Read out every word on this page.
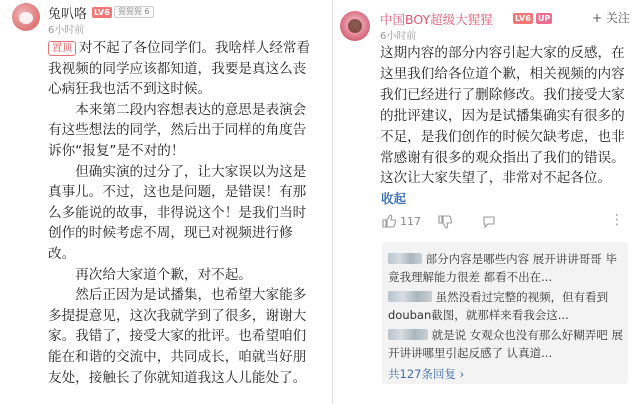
兔叭咯 LV6	猩猩猩 6
6小时前

置顶 对不起了各位同学们。我啥样人经常看我视频的同学应该都知道，我要是真这么丧心病狂我也活不到这时候。

本来第二段内容想表达的意思是表演会有这些想法的同学，然后出于同样的角度告诉你“报复”是不对的！

但确实演的过分了，让大家误以为这是真事儿。不过，这也是问题，是错误！有那么多能说的故事，非得说这个！是我们当时创作的时候考虑不周，现已对视频进行修改。

再次给大家道个歉，对不起。

然后正因为是试播集，也希望大家能多多提提意见，这次我就学到了很多，谢谢大家。我错了，接受大家的批评。也希望咱们能在和谐的交流中，共同成长，咱就当好朋友处，接触长了你就知道我这人儿能处了。

中国BOY超级大猩猩	LV6 UP	+ 关注
6小时前
这期内容的部分内容引起大家的反感，在这里我们给各位道个歉，相关视频的内容我们已经进行了删除修改。我们接受大家的批评建议，因为是试播集确实有很多的不足，是我们创作的时候欠缺考虑，也非常感谢有很多的观众指出了我们的错误。这次让大家失望了，非常对不起各位。
收起
117	⋮
部分内容是哪些内容 展开讲讲哥哥 毕竟我理解能力很差 都看不出在...
虽然没看过完整的视频，但有看到douban截图，就那样来看我会这...
就是说 女观众也没有那么好糊弄吧 展开讲讲哪里引起反感了 认真道...
共127条回复 ›
